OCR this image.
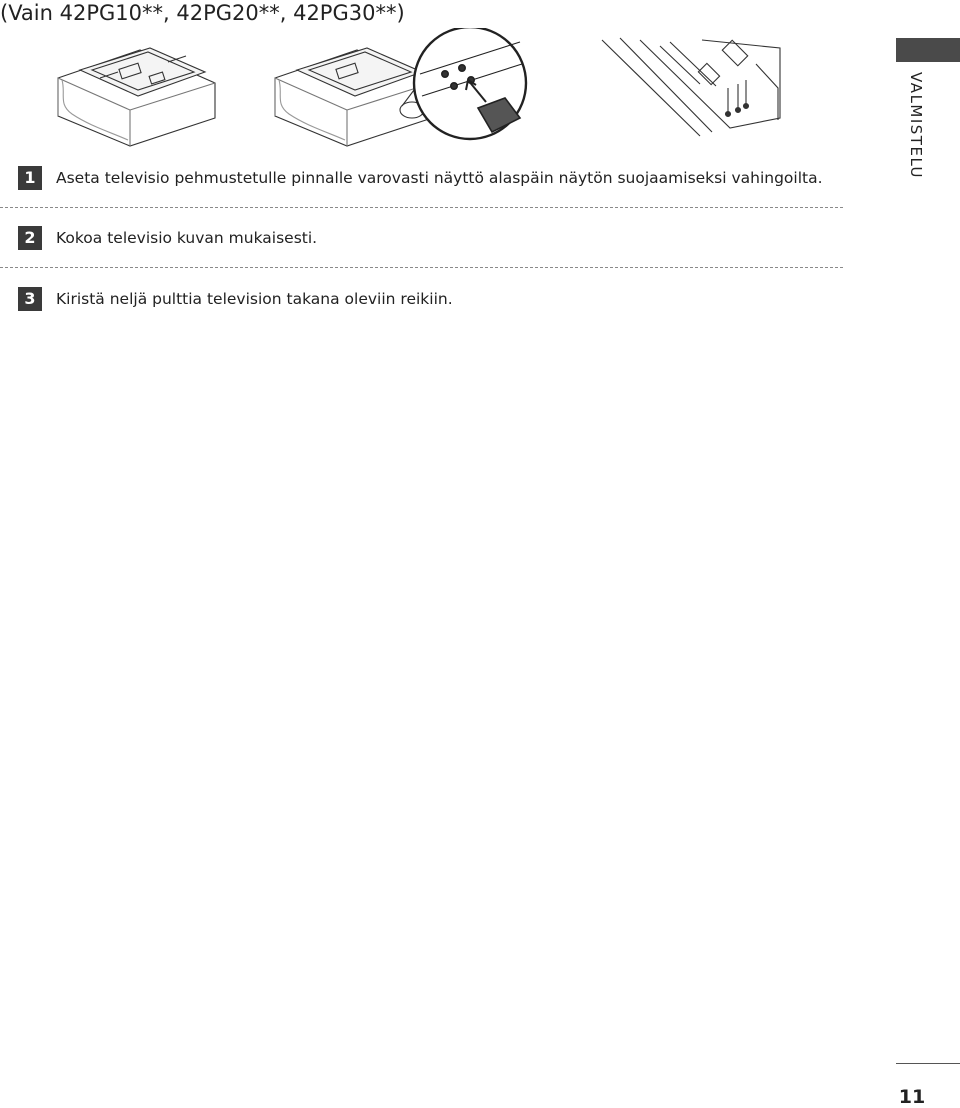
(Vain 42PG10**, 42PG20**, 42PG30**)
VALMISTELU
1	Aseta televisio pehmustetulle pinnalle varovasti näyttö alaspäin näytön suojaamiseksi vahingoilta.
2	Kokoa televisio kuvan mukaisesti.
3	Kiristä neljä pulttia television takana oleviin reikiin.
11
